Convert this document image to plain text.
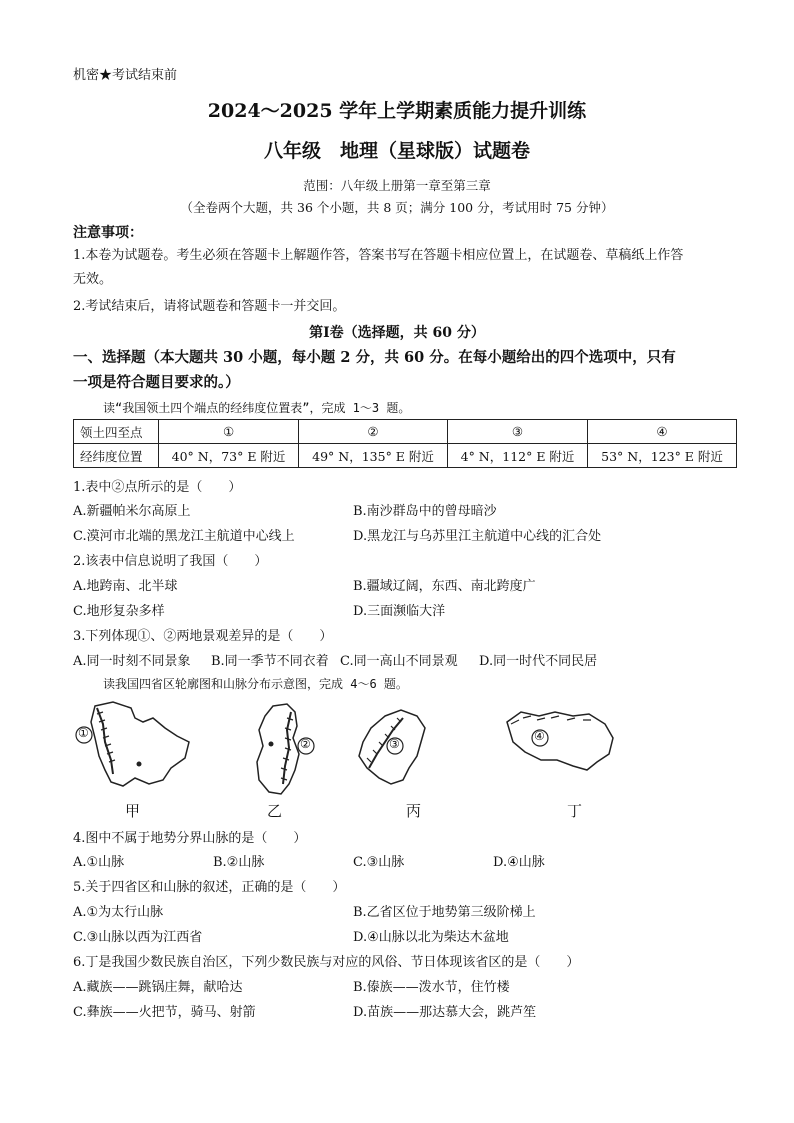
机密★考试结束前
2024～2025 学年上学期素质能力提升训练
八年级　地理（星球版）试题卷
范围：八年级上册第一章至第三章
（全卷两个大题，共 36 个小题，共 8 页；满分 100 分，考试用时 75 分钟）
注意事项：
1.本卷为试题卷。考生必须在答题卡上解题作答，答案书写在答题卡相应位置上，在试题卷、草稿纸上作答
无效。
2.考试结束后，请将试题卷和答题卡一并交回。
第Ⅰ卷（选择题，共 60 分）
一、选择题（本大题共 30 小题，每小题 2 分，共 60 分。在每小题给出的四个选项中，只有
一项是符合题目要求的。）
读“我国领土四个端点的经纬度位置表”，完成 1～3 题。
领土四至点	①	②	③	④
经纬度位置	40° N，73° E 附近	49° N，135° E 附近	4° N，112° E 附近	53° N，123° E 附近
1.表中②点所示的是（　　）
A.新疆帕米尔高原上	B.南沙群岛中的曾母暗沙
C.漠河市北端的黑龙江主航道中心线上	D.黑龙江与乌苏里江主航道中心线的汇合处
2.该表中信息说明了我国（　　）
A.地跨南、北半球	B.疆域辽阔，东西、南北跨度广
C.地形复杂多样	D.三面濒临大洋
3.下列体现①、②两地景观差异的是（　　）
A.同一时刻不同景象 B.同一季节不同衣着 C.同一高山不同景观 D.同一时代不同民居
读我国四省区轮廓图和山脉分布示意图，完成 4～6 题。
①
②	③
④
甲	乙	丙	丁
4.图中不属于地势分界山脉的是（　　）
A.①山脉	B.②山脉	C.③山脉	D.④山脉
5.关于四省区和山脉的叙述，正确的是（　　）
A.①为太行山脉	B.乙省区位于地势第三级阶梯上
C.③山脉以西为江西省	D.④山脉以北为柴达木盆地
6.丁是我国少数民族自治区，下列少数民族与对应的风俗、节日体现该省区的是（　　）
A.藏族——跳锅庄舞，献哈达	B.傣族——泼水节，住竹楼
C.彝族——火把节，骑马、射箭	D.苗族——那达慕大会，跳芦笙
